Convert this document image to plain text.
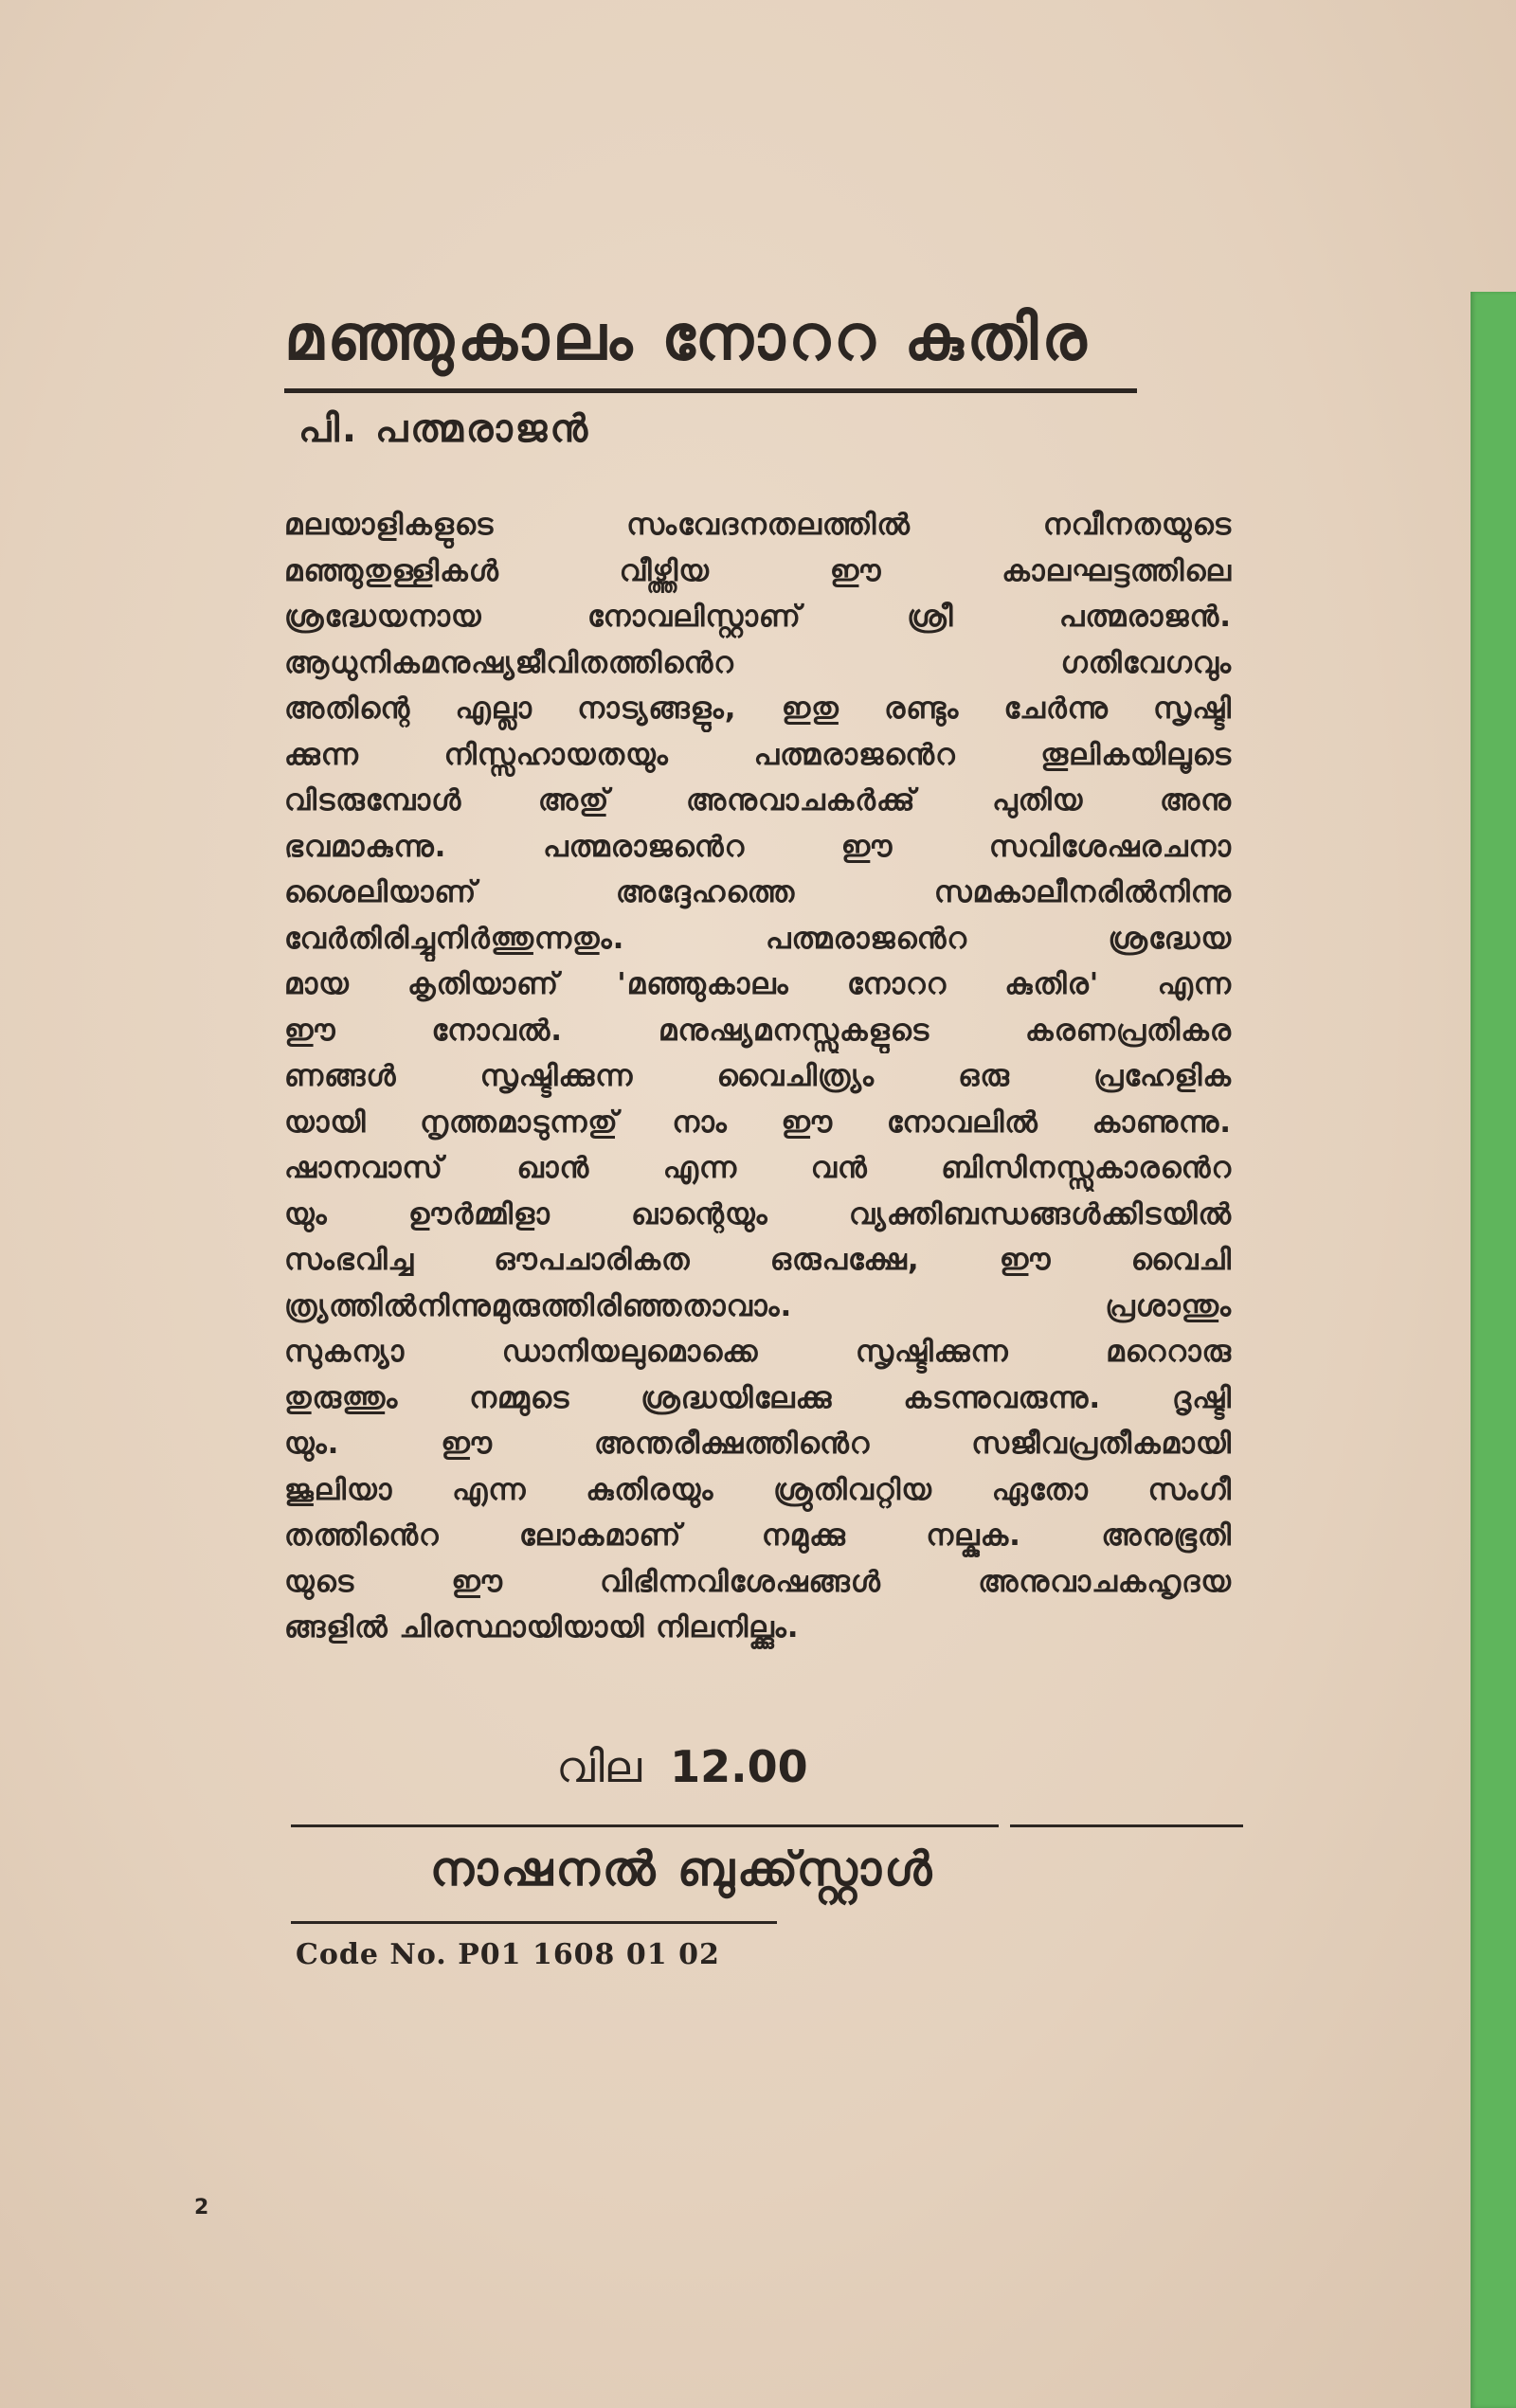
മഞ്ഞുകാലം നോററ കുതിര
പി. പത്മരാജൻ
മലയാളികളുടെ സംവേദനതലത്തിൽ നവീനതയുടെ
മഞ്ഞുതുള്ളികൾ വീഴ്ത്തിയ ഈ കാലഘട്ടത്തിലെ
ശ്രദ്ധേയനായ നോവലിസ്റ്റാണ് ശ്രീ പത്മരാജൻ.
ആധുനികമനുഷ്യജീവിതത്തിൻെറ ഗതിവേഗവും
അതിന്റെ എല്ലാ നാട്യങ്ങളും, ഇതു രണ്ടും ചേർന്നു സൃഷ്ടി
ക്കുന്ന നിസ്സഹായതയും പത്മരാജൻെറ തൂലികയിലൂടെ
വിടരുമ്പോൾ അതു് അനുവാചകർക്കു് പുതിയ അനു
ഭവമാകുന്നു. പത്മരാജൻെറ ഈ സവിശേഷരചനാ
ശൈലിയാണ് അദ്ദേഹത്തെ സമകാലീനരിൽനിന്നു
വേർതിരിച്ചുനിർത്തുന്നതും. പത്മരാജൻെറ ശ്രദ്ധേയ
മായ കൃതിയാണ് 'മഞ്ഞുകാലം നോററ കുതിര' എന്ന
ഈ നോവൽ. മനുഷ്യമനസ്സുകളുടെ കരണപ്രതികര
ണങ്ങൾ സൃഷ്ടിക്കുന്ന വൈചിത്ര്യം ഒരു പ്രഹേളിക
യായി നൃത്തമാടുന്നതു് നാം ഈ നോവലിൽ കാണുന്നു.
ഷാനവാസ് ഖാൻ എന്ന വൻ ബിസിനസ്സുകാരൻെറ
യും ഊർമ്മിളാ ഖാന്റെയും വ്യക്തിബന്ധങ്ങൾക്കിടയിൽ
സംഭവിച്ച ഔപചാരികത ഒരുപക്ഷേ, ഈ വൈചി
ത്ര്യത്തിൽനിന്നുമുരുത്തിരിഞ്ഞതാവാം. പ്രശാന്തും
സുകന്യാ ഡാനിയലുമൊക്കെ സൃഷ്ടിക്കുന്ന മറെറാരു
തുരുത്തും നമ്മുടെ ശ്രദ്ധയിലേക്കു കടന്നുവരുന്നു. ദൃഷ്ടി
യും. ഈ അന്തരീക്ഷത്തിൻെറ സജീവപ്രതീകമായി
ജൂലിയാ എന്ന കുതിരയും ശ്രുതിവറ്റിയ ഏതോ സംഗീ
തത്തിൻെറ ലോകമാണ് നമുക്കു നല്കുക. അനുഭൂതി
യുടെ ഈ വിഭിന്നവിശേഷങ്ങൾ അനുവാചകഹൃദയ
ങ്ങളിൽ ചിരസ്ഥായിയായി നിലനില്ക്കും.
വില 12.00
നാഷനൽ ബുക്ക്സ്റ്റാൾ
Code No. P01 1608 01 02
2
